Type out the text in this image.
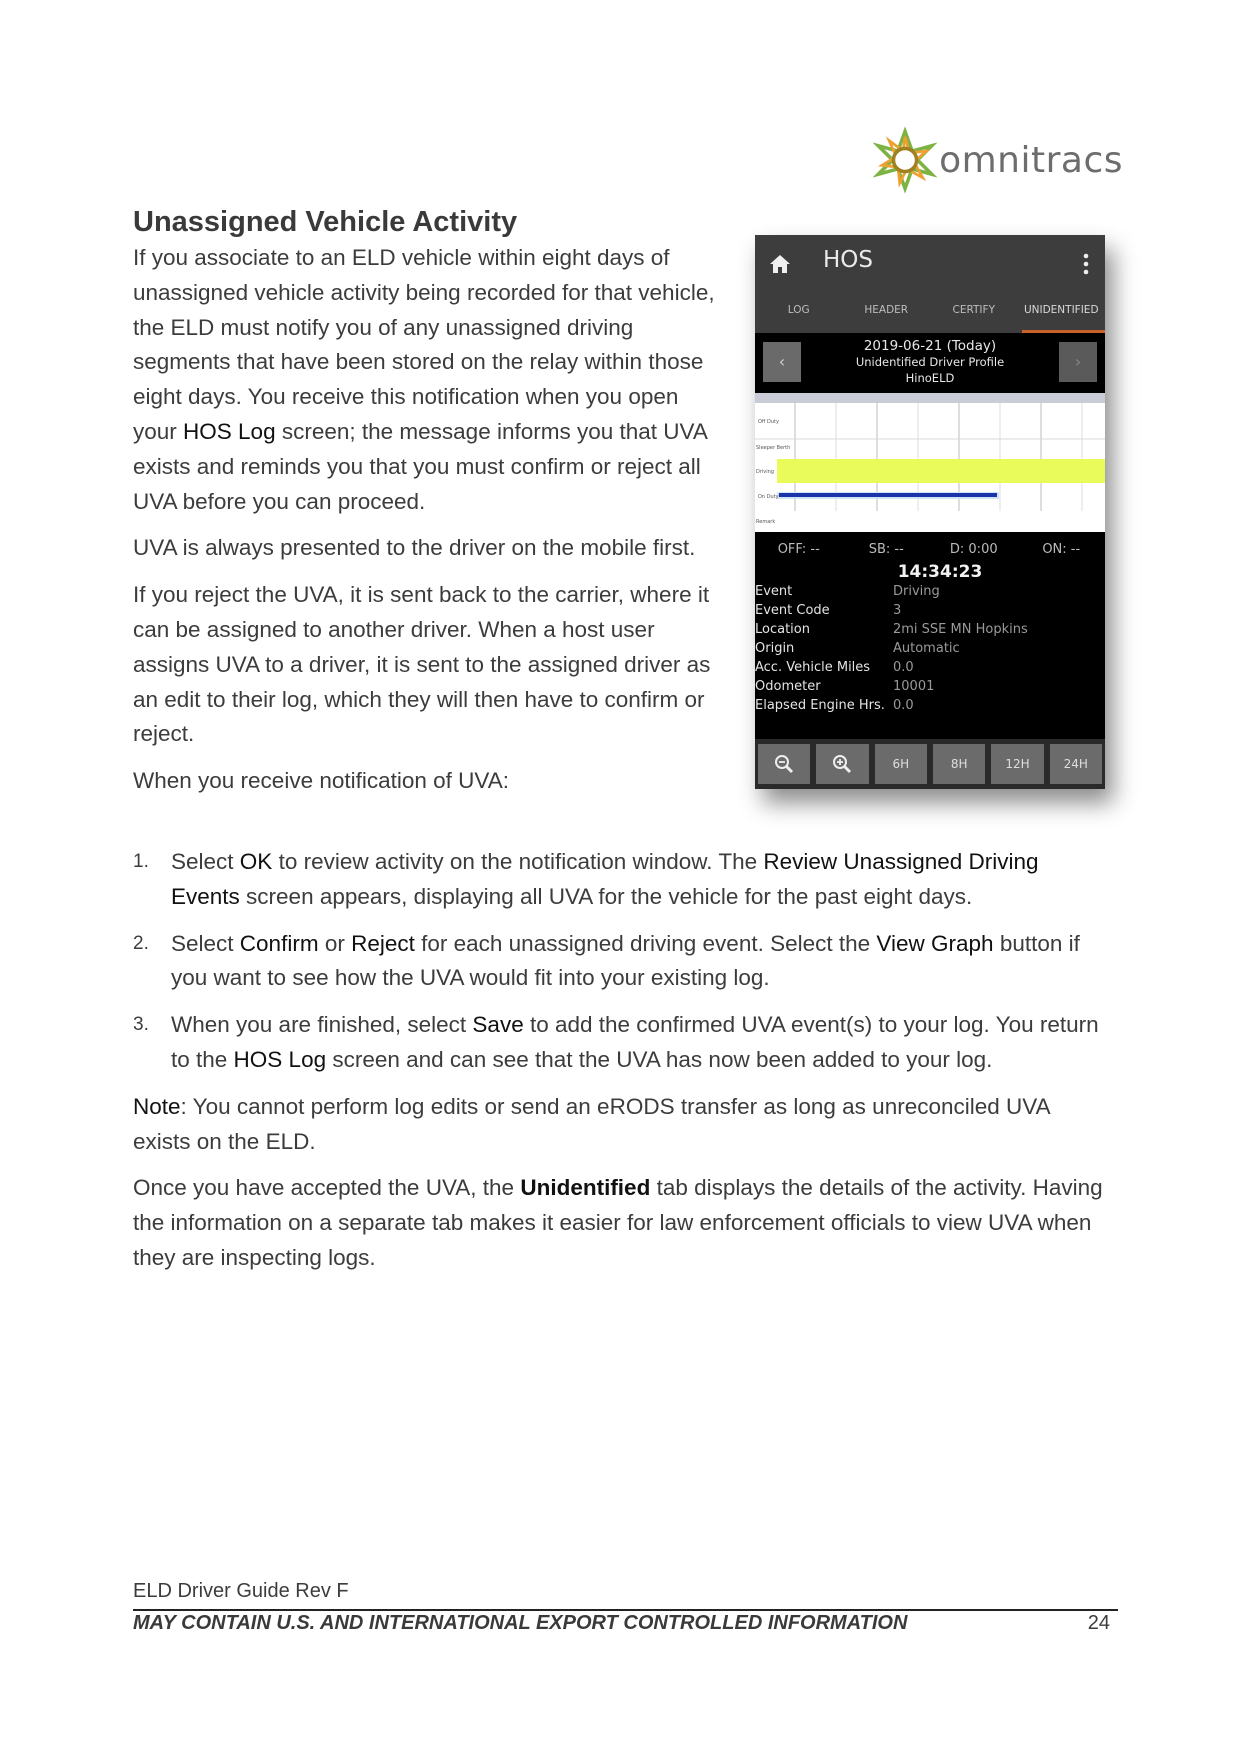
omnitracs
Unassigned Vehicle Activity

If you associate to an ELD vehicle within eight days of unassigned vehicle activity being recorded for that vehicle, the ELD must notify you of any unassigned driving segments that have been stored on the relay within those eight days. You receive this notification when you open your HOS Log screen; the message informs you that UVA exists and reminds you that you must confirm or reject all UVA before you can proceed.

UVA is always presented to the driver on the mobile first.

If you reject the UVA, it is sent back to the carrier, where it can be assigned to another driver. When a host user assigns UVA to a driver, it is sent to the assigned driver as an edit to their log, which they will then have to confirm or reject.

When you receive notification of UVA:

HOS
LOG	HEADER	CERTIFY	UNIDENTIFIED
‹
2019-06-21 (Today)
Unidentified Driver Profile
HinoELD
›
Off Duty
Sleeper Berth
Driving
On Duty
Remark
OFF: --	SB: --	D: 0:00	ON: --
14:34:23
Event	Driving
Event Code	3
Location	2mi SSE MN Hopkins
Origin	Automatic
Acc. Vehicle Miles	0.0
Odometer	10001
Elapsed Engine Hrs. 0.0
6H	8H	12H	24H
1. Select OK to review activity on the notification window. The Review Unassigned Driving Events screen appears, displaying all UVA for the vehicle for the past eight days.
2. Select Confirm or Reject for each unassigned driving event. Select the View Graph button if you want to see how the UVA would fit into your existing log.
3. When you are finished, select Save to add the confirmed UVA event(s) to your log. You return to the HOS Log screen and can see that the UVA has now been added to your log.

Note: You cannot perform log edits or send an eRODS transfer as long as unreconciled UVA exists on the ELD.

Once you have accepted the UVA, the Unidentified tab displays the details of the activity. Having the information on a separate tab makes it easier for law enforcement officials to view UVA when they are inspecting logs.

ELD Driver Guide Rev F
MAY CONTAIN U.S. AND INTERNATIONAL EXPORT CONTROLLED INFORMATION	24
